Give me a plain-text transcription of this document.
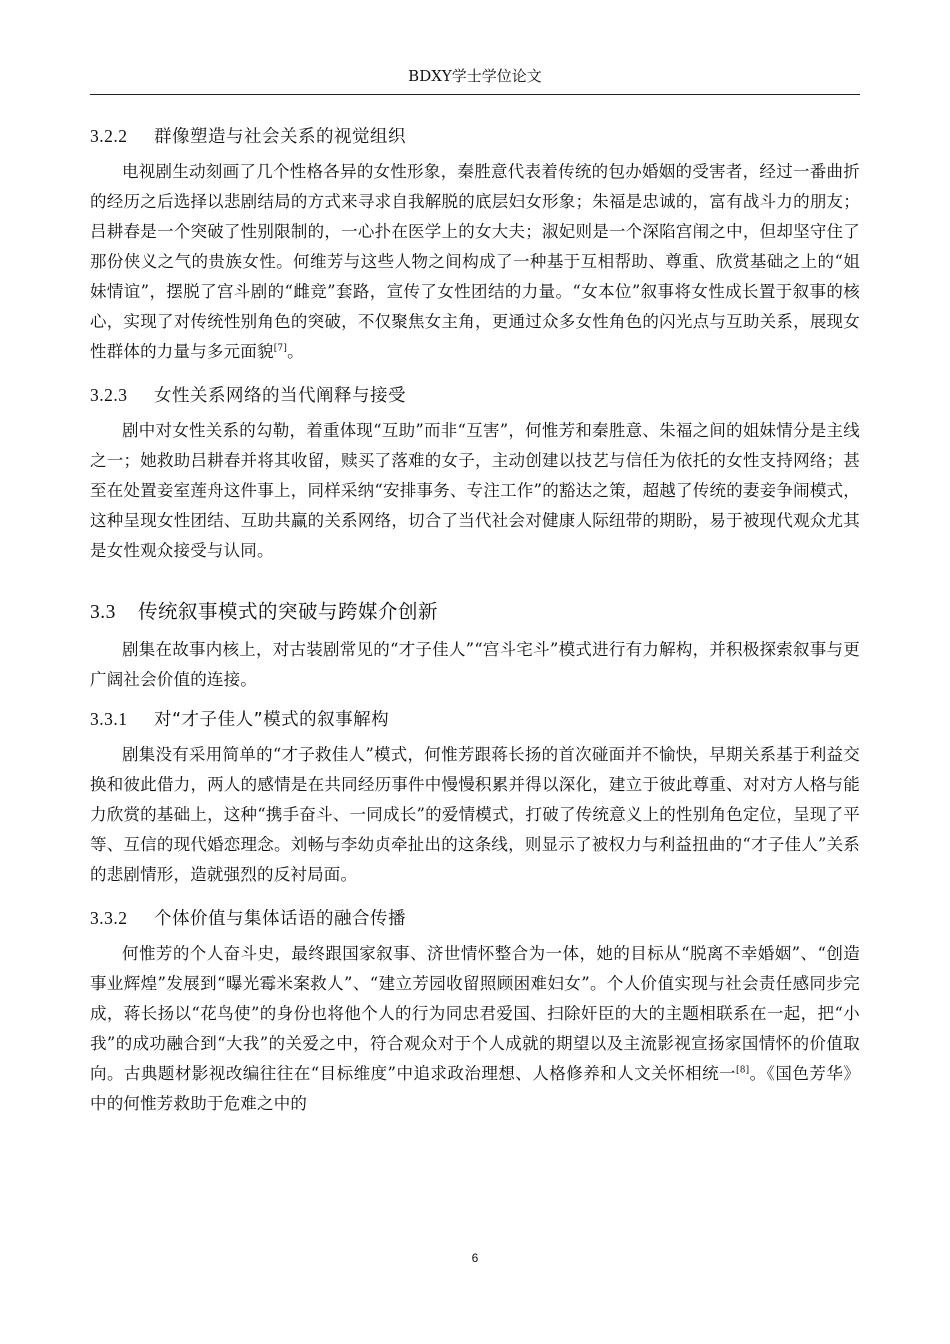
BDXY学士学位论文
3.2.2 群像塑造与社会关系的视觉组织

电视剧生动刻画了几个性格各异的女性形象，秦胜意代表着传统的包办婚姻的受害者，经过一番曲折的经历之后选择以悲剧结局的方式来寻求自我解脱的底层妇女形象；朱福是忠诚的，富有战斗力的朋友；吕耕春是一个突破了性别限制的，一心扑在医学上的女大夫；淑妃则是一个深陷宫闱之中，但却坚守住了那份侠义之气的贵族女性。何维芳与这些人物之间构成了一种基于互相帮助、尊重、欣赏基础之上的“姐妹情谊”，摆脱了宫斗剧的“雌竞”套路，宣传了女性团结的力量。“女本位”叙事将女性成长置于叙事的核心，实现了对传统性别角色的突破，不仅聚焦女主角，更通过众多女性角色的闪光点与互助关系，展现女性群体的力量与多元面貌[7]。

3.2.3 女性关系网络的当代阐释与接受

剧中对女性关系的勾勒，着重体现“互助”而非“互害”，何惟芳和秦胜意、朱福之间的姐妹情分是主线之一；她救助吕耕春并将其收留，赎买了落难的女子，主动创建以技艺与信任为依托的女性支持网络；甚至在处置妾室莲舟这件事上，同样采纳“安排事务、专注工作”的豁达之策，超越了传统的妻妾争闹模式，这种呈现女性团结、互助共赢的关系网络，切合了当代社会对健康人际纽带的期盼，易于被现代观众尤其是女性观众接受与认同。

3.3 传统叙事模式的突破与跨媒介创新

剧集在故事内核上，对古装剧常见的“才子佳人”“宫斗宅斗”模式进行有力解构，并积极探索叙事与更广阔社会价值的连接。

3.3.1 对“才子佳人”模式的叙事解构

剧集没有采用简单的“才子救佳人”模式，何惟芳跟蒋长扬的首次碰面并不愉快，早期关系基于利益交换和彼此借力，两人的感情是在共同经历事件中慢慢积累并得以深化，建立于彼此尊重、对对方人格与能力欣赏的基础上，这种“携手奋斗、一同成长”的爱情模式，打破了传统意义上的性别角色定位，呈现了平等、互信的现代婚恋理念。刘畅与李幼贞牵扯出的这条线，则显示了被权力与利益扭曲的“才子佳人”关系的悲剧情形，造就强烈的反衬局面。

3.3.2 个体价值与集体话语的融合传播

何惟芳的个人奋斗史，最终跟国家叙事、济世情怀整合为一体，她的目标从“脱离不幸婚姻”、“创造事业辉煌”发展到“曝光霉米案救人”、“建立芳园收留照顾困难妇女”。个人价值实现与社会责任感同步完成，蒋长扬以“花鸟使”的身份也将他个人的行为同忠君爱国、扫除奸臣的大的主题相联系在一起，把“小我”的成功融合到“大我”的关爱之中，符合观众对于个人成就的期望以及主流影视宣扬家国情怀的价值取向。古典题材影视改编往往在“目标维度”中追求政治理想、人格修养和人文关怀相统一[8]。《国色芳华》中的何惟芳救助于危难之中的

6
